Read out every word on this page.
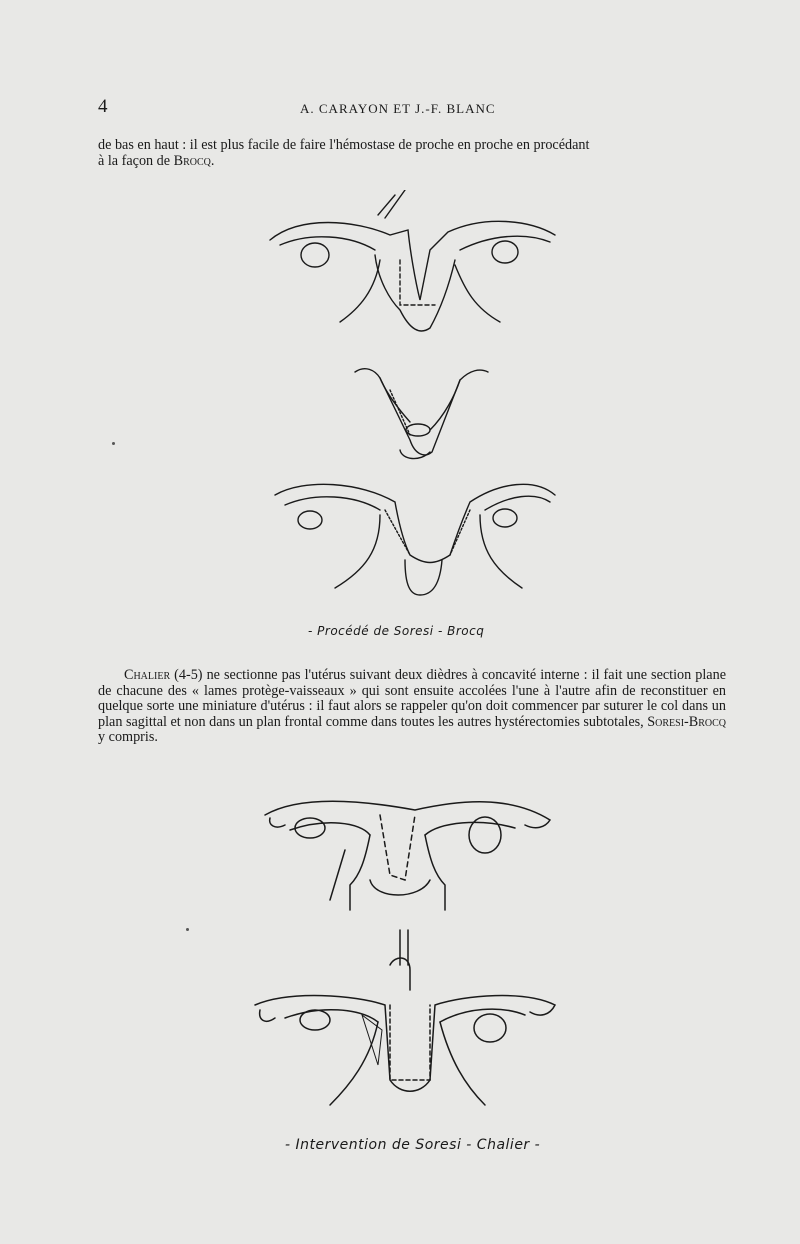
4	A. CARAYON ET J.-F. BLANC
de bas en haut : il est plus facile de faire l'hémostase de proche en proche en procédant
à la façon de Brocq.
- Procédé de Soresi - Brocq
Chalier (4-5) ne sectionne pas l'utérus suivant deux dièdres à concavité interne : il fait une section plane de chacune des « lames protège-vaisseaux » qui sont ensuite accolées l'une à l'autre afin de reconstituer en quelque sorte une miniature d'utérus : il faut alors se rappeler qu'on doit commencer par suturer le col dans un plan sagittal et non dans un plan frontal comme dans toutes les autres hystérectomies subtotales, Soresi-Brocq y compris.
- Intervention de Soresi - Chalier -
